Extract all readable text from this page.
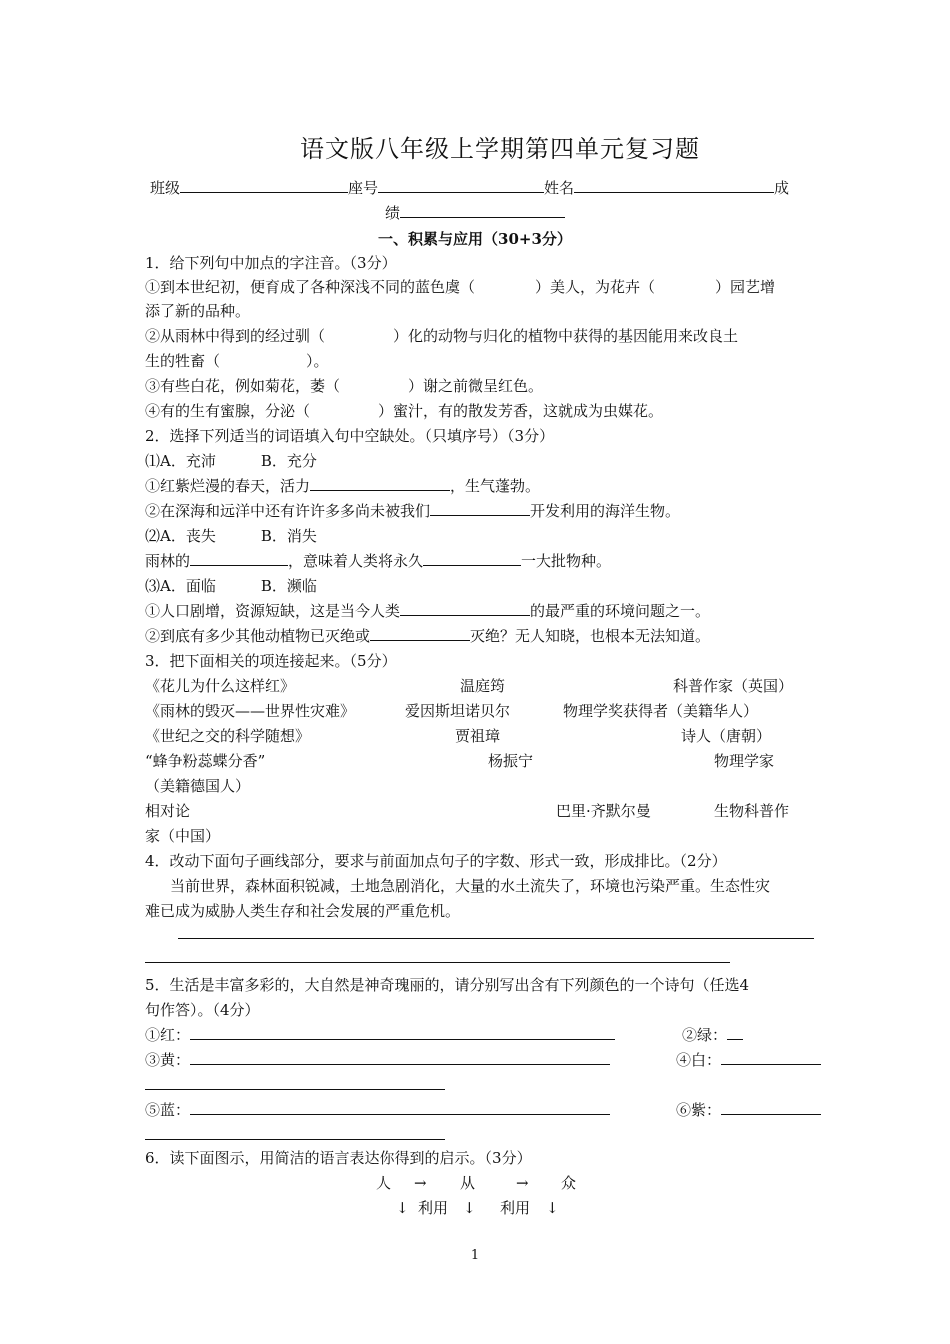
语文版八年级上学期第四单元复习题
班级	座号	姓名	成
绩
一、积累与应用（30+3分）
1．给下列句中加点的字注音。（3分）
①到本世纪初，便育成了各种深浅不同的蓝色虞（	）美人，为花卉（	）园艺增
添了新的品种。
②从雨林中得到的经过驯（	）化的动物与归化的植物中获得的基因能用来改良土
生的牲畜（	）。
③有些白花，例如菊花，萎（	）谢之前微呈红色。
④有的生有蜜腺，分泌（	）蜜汁，有的散发芳香，这就成为虫媒花。
2．选择下列适当的词语填入句中空缺处。（只填序号）（3分）
⑴A．充沛　　　B．充分
①红紫烂漫的春天，活力	，生气蓬勃。
②在深海和远洋中还有许许多多尚未被我们	开发利用的海洋生物。
⑵A．丧失　　　B．消失
雨林的	，意味着人类将永久	一大批物种。
⑶A．面临　　　B．濒临
①人口剧增，资源短缺，这是当今人类	的最严重的环境问题之一。
②到底有多少其他动植物已灭绝或	灭绝？无人知晓，也根本无法知道。
3．把下面相关的项连接起来。（5分）
《花儿为什么这样红》	温庭筠	科普作家（英国）
《雨林的毁灭——世界性灾难》	爱因斯坦诺贝尔	物理学奖获得者（美籍华人）
《世纪之交的科学随想》	贾祖璋	诗人（唐朝）
“蜂争粉蕊蝶分香”	杨振宁	物理学家
（美籍德国人）
相对论	巴里·齐默尔曼	生物科普作
家（中国）
4．改动下面句子画线部分，要求与前面加点句子的字数、形式一致，形成排比。（2分）
当前世界，森林面积锐减，土地急剧消化，大量的水土流失了，环境也污染严重。生态性灾
难已成为威胁人类生存和社会发展的严重危机。
5．生活是丰富多彩的，大自然是神奇瑰丽的，请分别写出含有下列颜色的一个诗句（任选4
句作答）。（4分）
①红：	②绿：
③黄：	④白：
⑤蓝：	⑥紫：
6．读下面图示，用简洁的语言表达你得到的启示。（3分）
人 → 从	→ 众
↓ 利用 ↓ 利用 ↓
1
